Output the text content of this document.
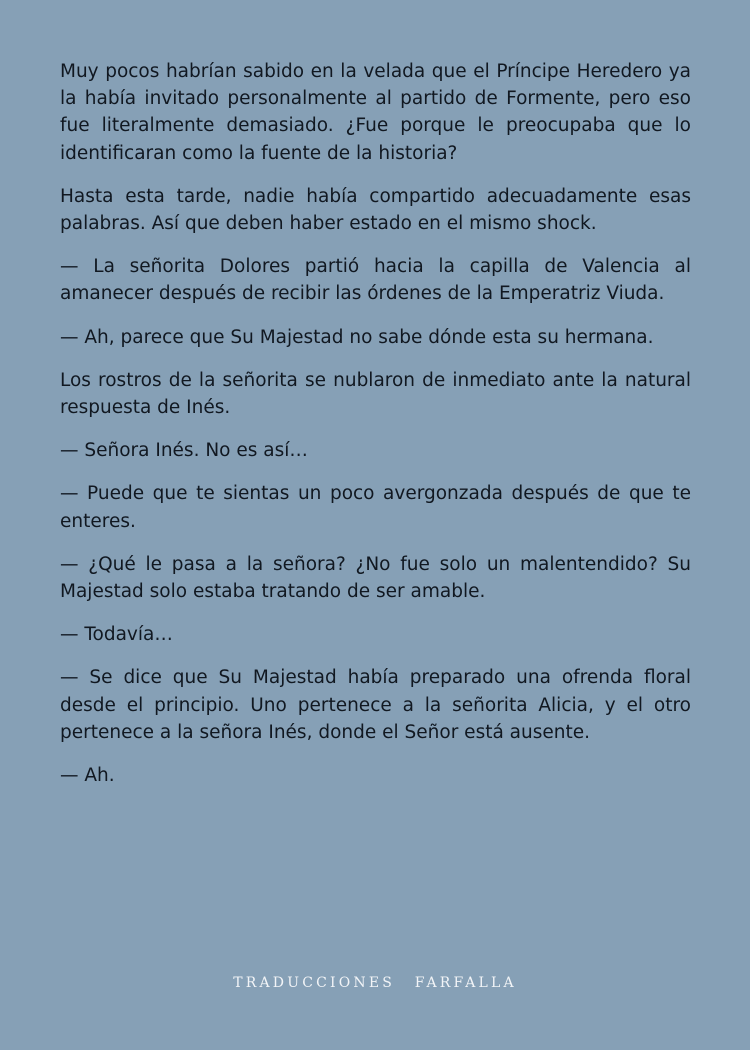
Muy pocos habrían sabido en la velada que el Príncipe Heredero ya la había invitado personalmente al partido de Formente, pero eso fue literalmente demasiado. ¿Fue porque le preocupaba que lo identificaran como la fuente de la historia?

Hasta esta tarde, nadie había compartido adecuadamente esas palabras. Así que deben haber estado en el mismo shock.

— La señorita Dolores partió hacia la capilla de Valencia al amanecer después de recibir las órdenes de la Emperatriz Viuda.

— Ah, parece que Su Majestad no sabe dónde esta su hermana.

Los rostros de la señorita se nublaron de inmediato ante la natural respuesta de Inés.

— Señora Inés. No es así…

— Puede que te sientas un poco avergonzada después de que te enteres.

— ¿Qué le pasa a la señora? ¿No fue solo un malentendido? Su Majestad solo estaba tratando de ser amable.

— Todavía…

— Se dice que Su Majestad había preparado una ofrenda floral desde el principio. Uno pertenece a la señorita Alicia, y el otro pertenece a la señora Inés, donde el Señor está ausente.

— Ah.

TRADUCCIONES FARFALLA
